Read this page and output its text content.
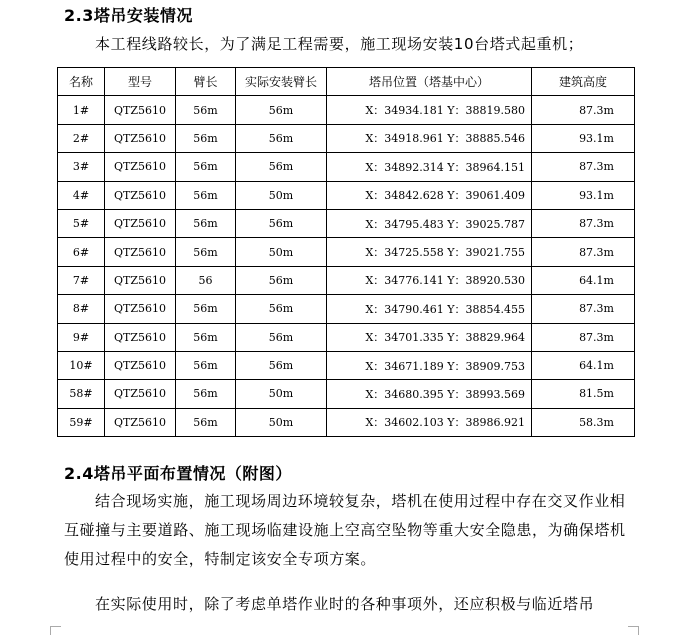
2.3塔吊安装情况
本工程线路较长，为了满足工程需要，施工现场安装10台塔式起重机；
名称	型号	臂长	实际安装臂长	塔吊位置（塔基中心）	建筑高度
1#	QTZ5610	56m	56m	X：34934.181 Y：38819.580	87.3m
2#	QTZ5610	56m	56m	X：34918.961 Y：38885.546	93.1m
3#	QTZ5610	56m	56m	X：34892.314 Y：38964.151	87.3m
4#	QTZ5610	56m	50m	X：34842.628 Y：39061.409	93.1m
5#	QTZ5610	56m	56m	X：34795.483 Y：39025.787	87.3m
6#	QTZ5610	56m	50m	X：34725.558 Y：39021.755	87.3m
7#	QTZ5610	56	56m	X：34776.141 Y：38920.530	64.1m
8#	QTZ5610	56m	56m	X：34790.461 Y：38854.455	87.3m
9#	QTZ5610	56m	56m	X：34701.335 Y：38829.964	87.3m
10#	QTZ5610	56m	56m	X：34671.189 Y：38909.753	64.1m
58#	QTZ5610	56m	50m	X：34680.395 Y：38993.569	81.5m
59#	QTZ5610	56m	50m	X：34602.103 Y：38986.921	58.3m
2.4塔吊平面布置情况（附图）
结合现场实施，施工现场周边环境较复杂，塔机在使用过程中存在交叉作业相互碰撞与主要道路、施工现场临建设施上空高空坠物等重大安全隐患，为确保塔机使用过程中的安全，特制定该安全专项方案。
在实际使用时，除了考虑单塔作业时的各种事项外，还应积极与临近塔吊
